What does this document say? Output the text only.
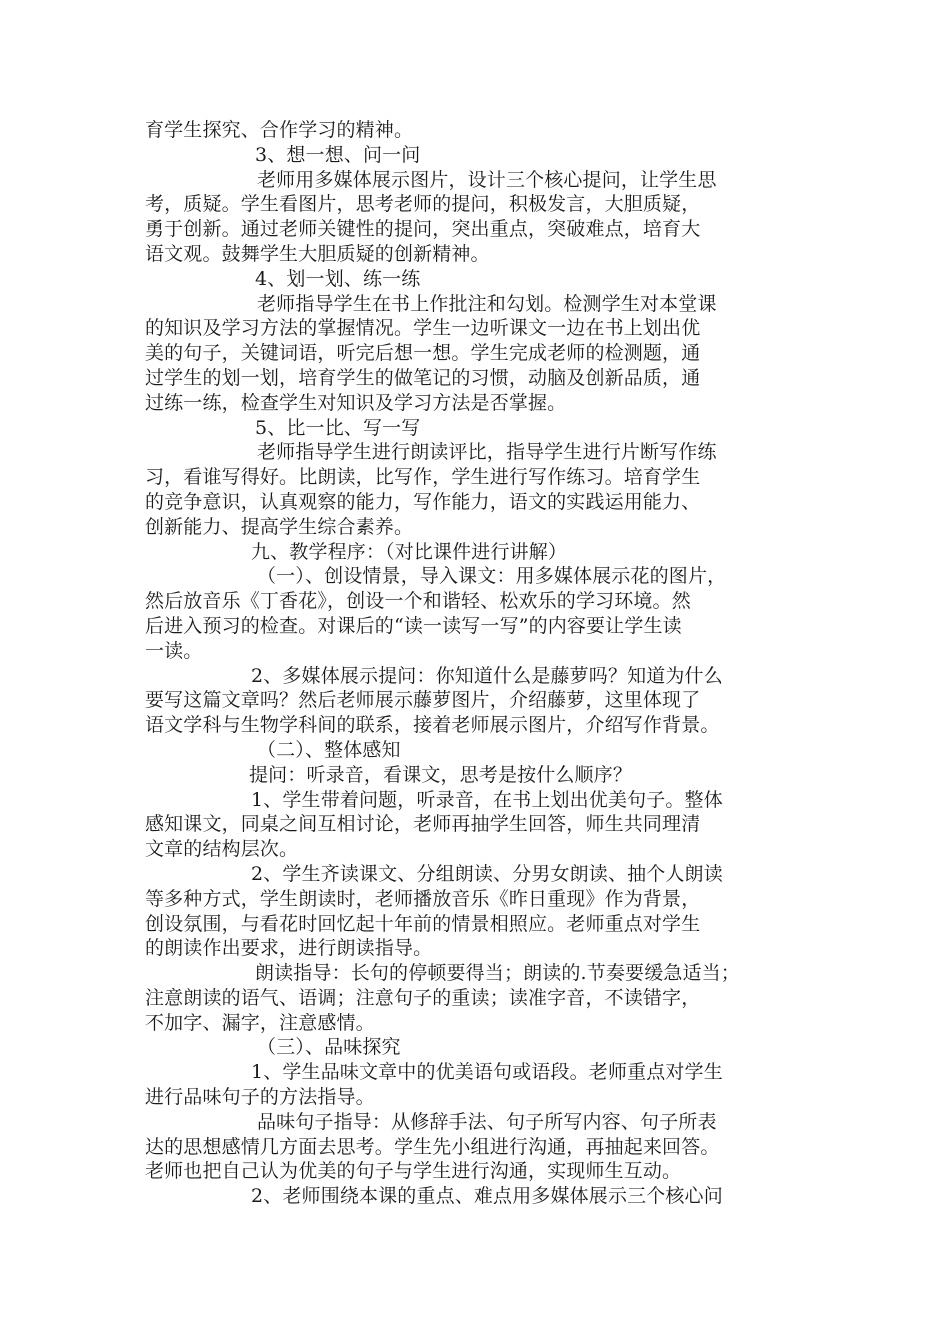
育学生探究、合作学习的精神。
3、想一想、问一问
老师用多媒体展示图片，设计三个核心提问，让学生思
考，质疑。学生看图片，思考老师的提问，积极发言，大胆质疑，
勇于创新。通过老师关键性的提问，突出重点，突破难点，培育大
语文观。鼓舞学生大胆质疑的创新精神。
4、划一划、练一练
老师指导学生在书上作批注和勾划。检测学生对本堂课
的知识及学习方法的掌握情况。学生一边听课文一边在书上划出优
美的句子，关键词语，听完后想一想。学生完成老师的检测题，通
过学生的划一划，培育学生的做笔记的习惯，动脑及创新品质，通
过练一练，检查学生对知识及学习方法是否掌握。
5、比一比、写一写
老师指导学生进行朗读评比，指导学生进行片断写作练
习，看谁写得好。比朗读，比写作，学生进行写作练习。培育学生
的竞争意识，认真观察的能力，写作能力，语文的实践运用能力、
创新能力、提高学生综合素养。
九、教学程序：（对比课件进行讲解）
（一）、创设情景，导入课文：用多媒体展示花的图片，
然后放音乐《丁香花》，创设一个和谐轻、松欢乐的学习环境。然
后进入预习的检查。对课后的“读一读写一写”的内容要让学生读
一读。
2、多媒体展示提问：你知道什么是藤萝吗？知道为什么
要写这篇文章吗？然后老师展示藤萝图片，介绍藤萝，这里体现了
语文学科与生物学科间的联系，接着老师展示图片，介绍写作背景。
（二）、整体感知
提问：听录音，看课文，思考是按什么顺序？
1、学生带着问题，听录音，在书上划出优美句子。整体
感知课文，同桌之间互相讨论，老师再抽学生回答，师生共同理清
文章的结构层次。
2、学生齐读课文、分组朗读、分男女朗读、抽个人朗读
等多种方式，学生朗读时，老师播放音乐《昨日重现》作为背景，
创设氛围，与看花时回忆起十年前的情景相照应。老师重点对学生
的朗读作出要求，进行朗读指导。
朗读指导：长句的停顿要得当；朗读的.节奏要缓急适当；
注意朗读的语气、语调；注意句子的重读；读准字音，不读错字，
不加字、漏字，注意感情。
（三）、品味探究
1、学生品味文章中的优美语句或语段。老师重点对学生
进行品味句子的方法指导。
品味句子指导：从修辞手法、句子所写内容、句子所表
达的思想感情几方面去思考。学生先小组进行沟通，再抽起来回答。
老师也把自己认为优美的句子与学生进行沟通，实现师生互动。
2、老师围绕本课的重点、难点用多媒体展示三个核心问
